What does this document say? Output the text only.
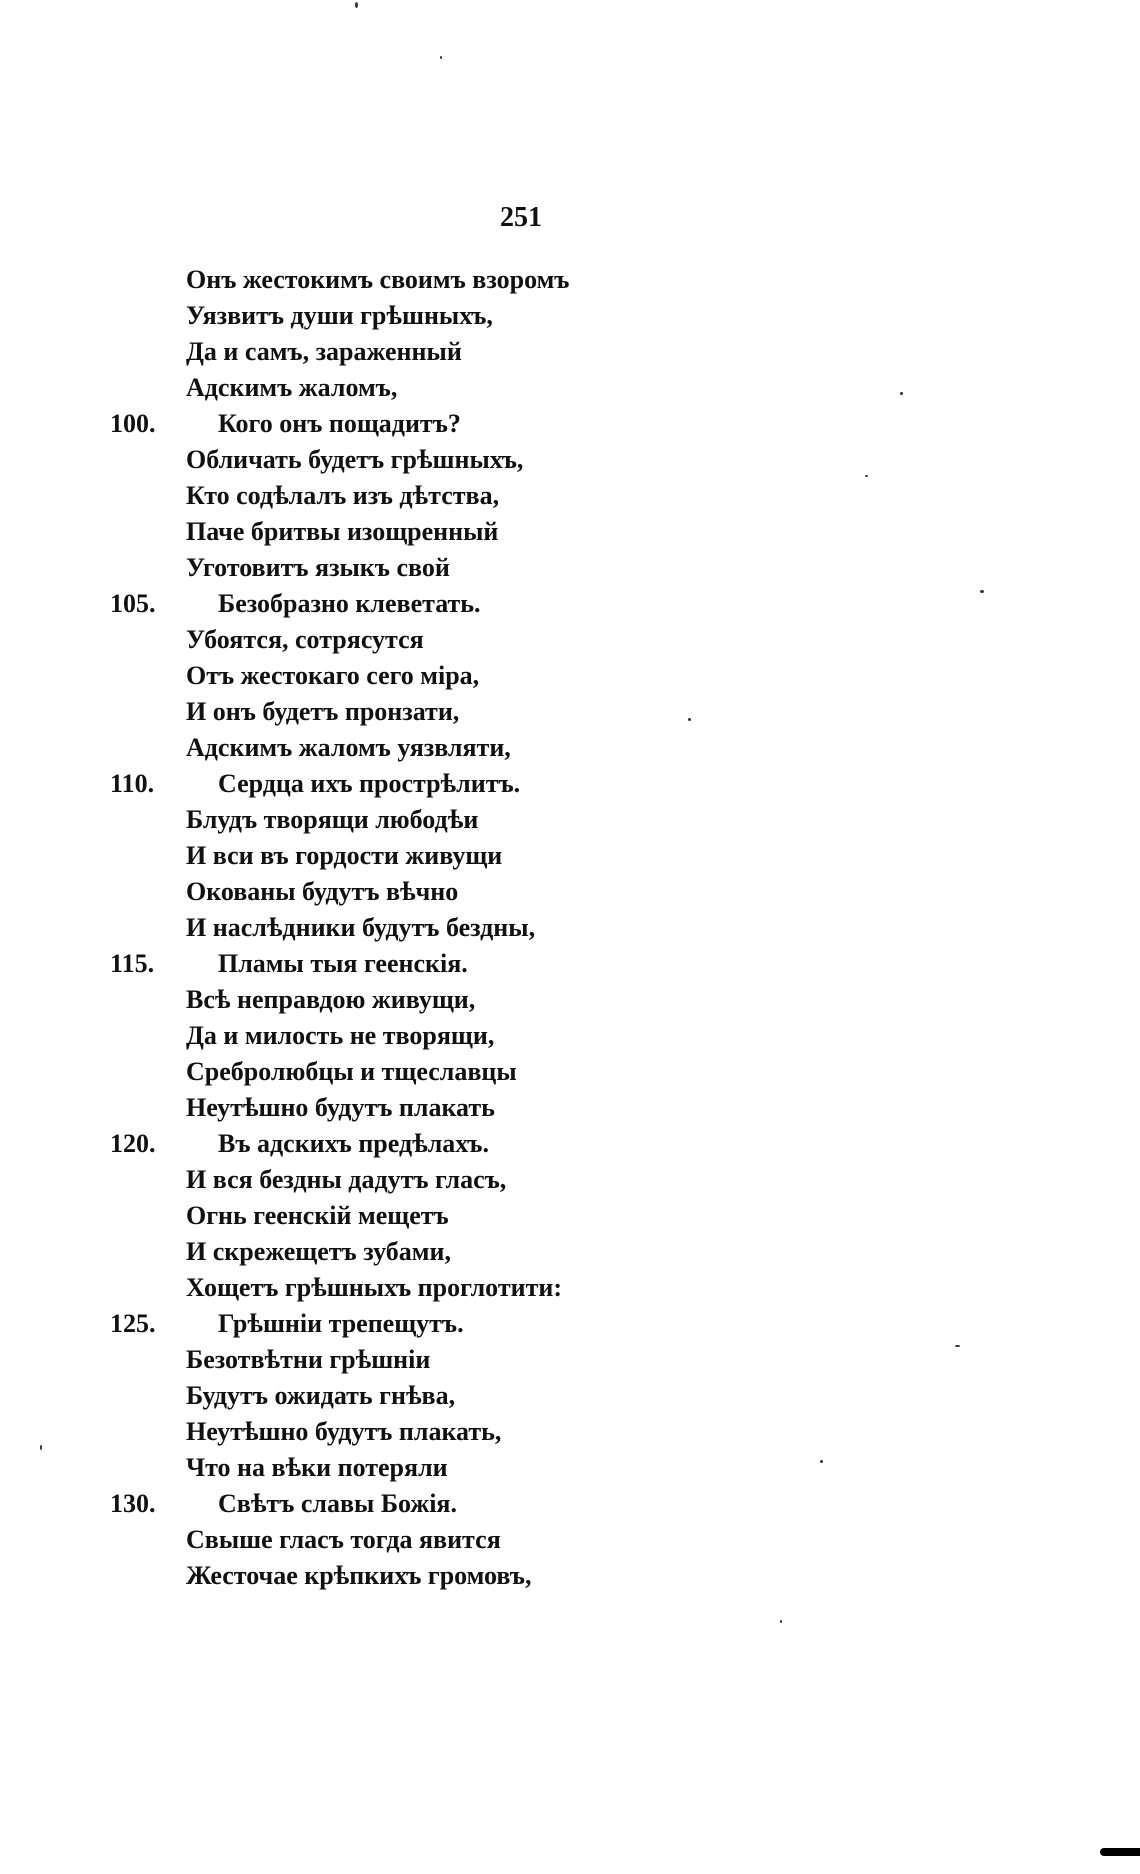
251
Онъ жестокимъ своимъ взоромъ
Уязвитъ души грѣшныхъ,
Да и самъ, зараженный
Адскимъ жаломъ,
100.	Кого онъ пощадитъ?
Обличать будетъ грѣшныхъ,
Кто содѣлалъ изъ дѣтства,
Паче бритвы изощренный
Уготовитъ языкъ свой
105.	Безобразно клеветать.
Убоятся, сотрясутся
Отъ жестокаго сего міра,
И онъ будетъ пронзати,
Адскимъ жаломъ уязвляти,
110.	Сердца ихъ прострѣлитъ.
Блудъ творящи любодѣи
И вси въ гордости живущи
Окованы будутъ вѣчно
И наслѣдники будутъ бездны,
115.	Пламы тыя геенскія.
Всѣ неправдою живущи,
Да и милость не творящи,
Сребролюбцы и тщеславцы
Неутѣшно будутъ плакать
120.	Въ адскихъ предѣлахъ.
И вся бездны дадутъ гласъ,
Огнь геенскій мещетъ
И скрежещетъ зубами,
Хощетъ грѣшныхъ проглотити:
125.	Грѣшніи трепещутъ.
Безотвѣтни грѣшніи
Будутъ ожидать гнѣва,
Неутѣшно будутъ плакать,
Что на вѣки потеряли
130.	Свѣтъ славы Божія.
Свыше гласъ тогда явится
Жесточае крѣпкихъ громовъ,
